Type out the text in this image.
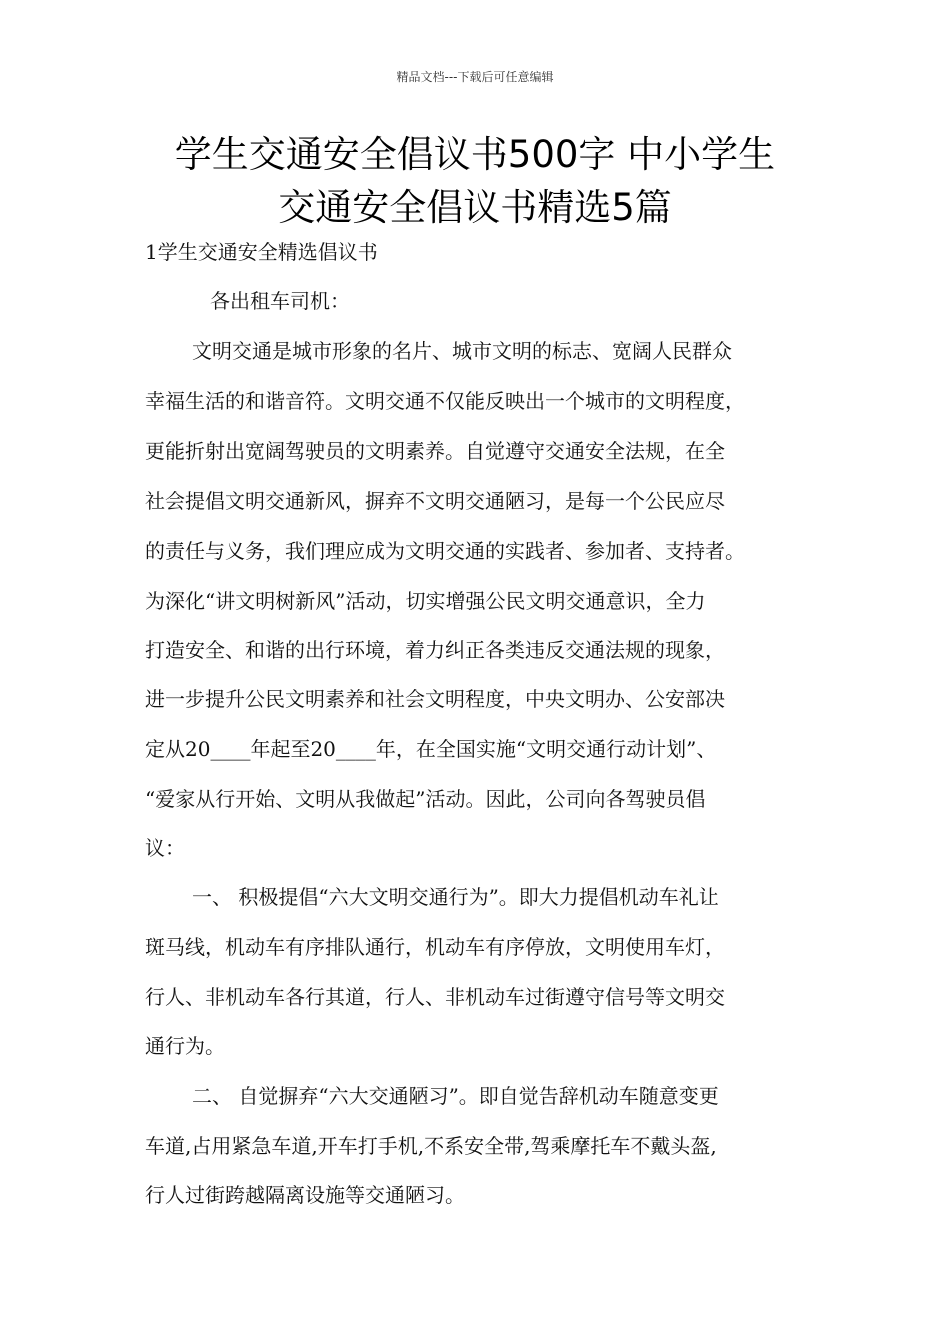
精品文档---下载后可任意编辑
学生交通安全倡议书500字 中小学生
交通安全倡议书精选5篇
1学生交通安全精选倡议书
各出租车司机：
文明交通是城市形象的名片、城市文明的标志、宽阔人民群众
幸福生活的和谐音符。文明交通不仅能反映出一个城市的文明程度，
更能折射出宽阔驾驶员的文明素养。自觉遵守交通安全法规，在全
社会提倡文明交通新风，摒弃不文明交通陋习，是每一个公民应尽
的责任与义务，我们理应成为文明交通的实践者、参加者、支持者。
为深化“讲文明树新风”活动，切实增强公民文明交通意识，全力
打造安全、和谐的出行环境，着力纠正各类违反交通法规的现象，
进一步提升公民文明素养和社会文明程度，中央文明办、公安部决
定从20____年起至20____年，在全国实施“文明交通行动计划”、
“爱家从行开始、文明从我做起”活动。因此，公司向各驾驶员倡
议：
一、 积极提倡“六大文明交通行为”。即大力提倡机动车礼让
斑马线，机动车有序排队通行，机动车有序停放，文明使用车灯，
行人、非机动车各行其道，行人、非机动车过街遵守信号等文明交
通行为。
二、 自觉摒弃“六大交通陋习”。即自觉告辞机动车随意变更
车道,占用紧急车道,开车打手机,不系安全带,驾乘摩托车不戴头盔,
行人过街跨越隔离设施等交通陋习。
